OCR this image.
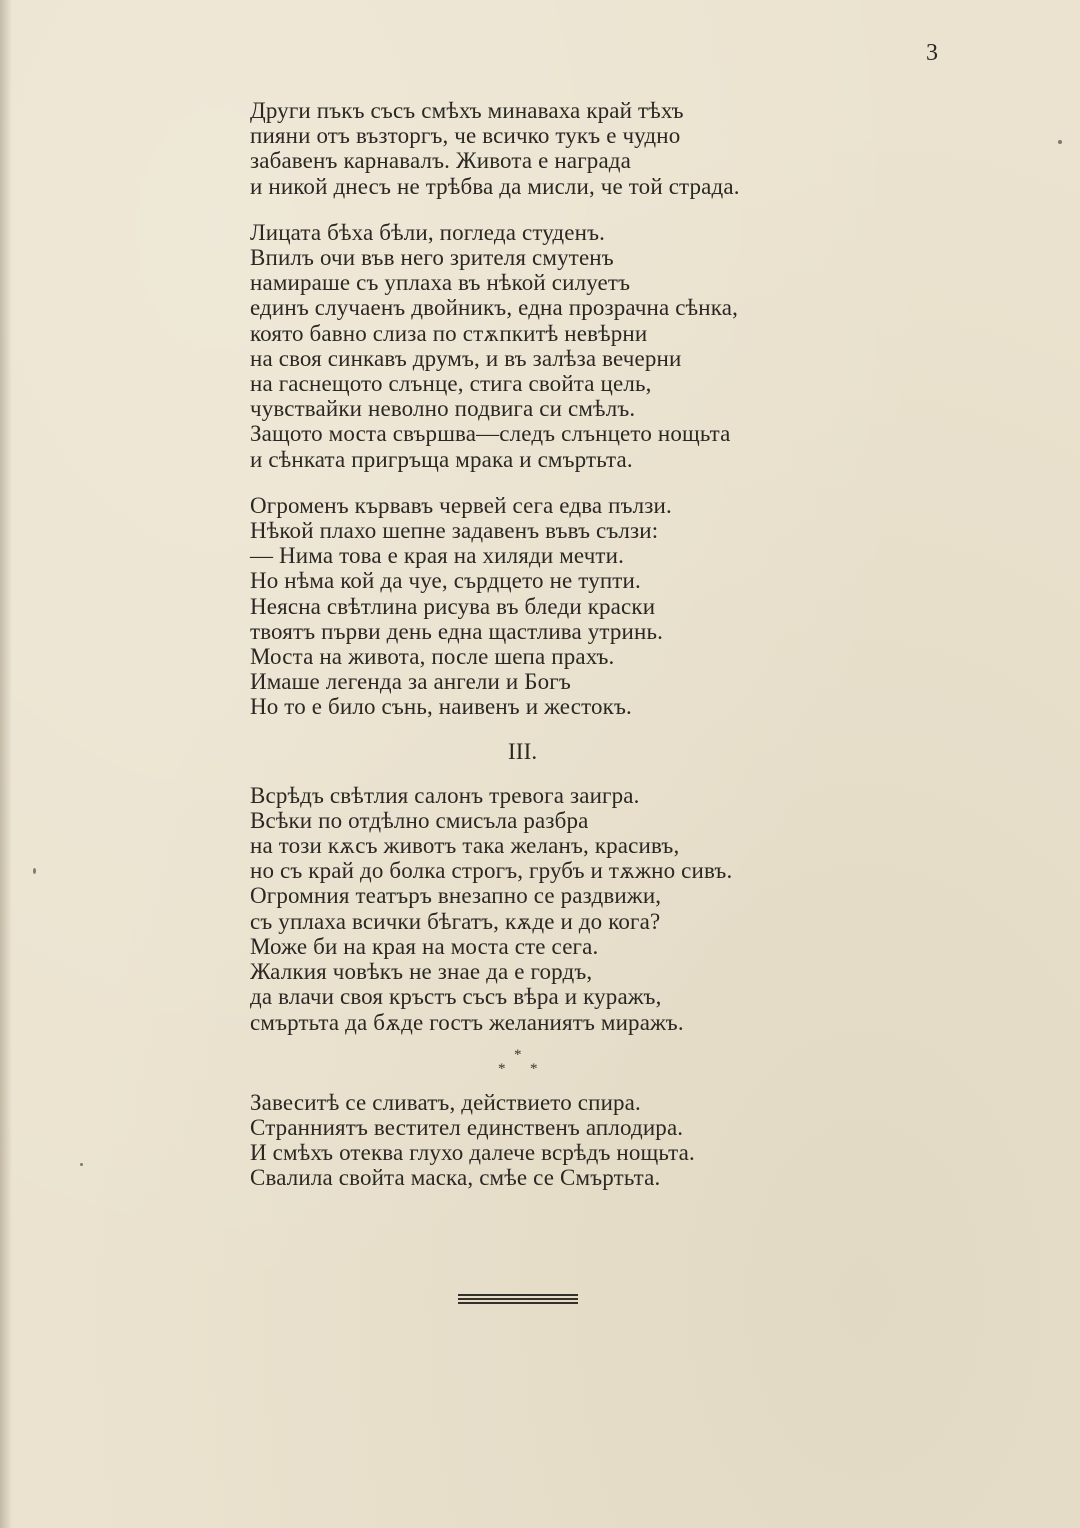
3

Други пъкъ съсъ смѣхъ минаваха край тѣхъ
пияни отъ възторгъ, че всичко тукъ е чудно
забавенъ карнавалъ. Живота е награда
и никой днесъ не трѣбва да мисли, че той страда.
Лицата бѣха бѣли, погледа студенъ.
Впилъ очи във него зрителя смутенъ
намираше съ уплаха въ нѣкой силуетъ
единъ случаенъ двойникъ, една прозрачна сѣнка,
която бавно слиза по стѫпкитѣ невѣрни
на своя синкавъ друмъ, и въ залѣза вечерни
на гаснещото слънце, стига свойта цель,
чувствайки неволно подвига си смѣлъ.
Защото моста свършва—следъ слънцето нощьта
и сѣнката пригръща мрака и смъртьта.
Огроменъ кървавъ червей сега едва пълзи.
Нѣкой плахо шепне задавенъ въвъ сълзи:
— Нима това е края на хиляди мечти.
Но нѣма кой да чуе, сърдцето не тупти.
Неясна свѣтлина рисува въ бледи краски
твоятъ първи день една щастлива утринь.
Моста на живота, после шепа прахъ.
Имаше легенда за ангели и Богъ
Но то е било сънь, наивенъ и жестокъ.
III.
Всрѣдъ свѣтлия салонъ тревога заигра.
Всѣки по отдѣлно смисъла разбра
на този кѫсъ животъ така желанъ, красивъ,
но съ край до болка строгъ, грубъ и тѫжно сивъ.
Огромния театъръ внезапно се раздвижи,
съ уплаха всички бѣгатъ, кѫде и до кога?
Може би на края на моста сте сега.
Жалкия човѣкъ не знае да е гордъ,
да влачи своя кръстъ съсъ вѣра и куражъ,
смъртьта да бѫде гостъ желаниятъ миражъ.
*
* *
Завеситѣ се сливатъ, действието спира.
Странниятъ вестител единственъ аплодира.
И смѣхъ отеква глухо далече всрѣдъ нощьта.
Свалила свойта маска, смѣе се Смъртьта.
